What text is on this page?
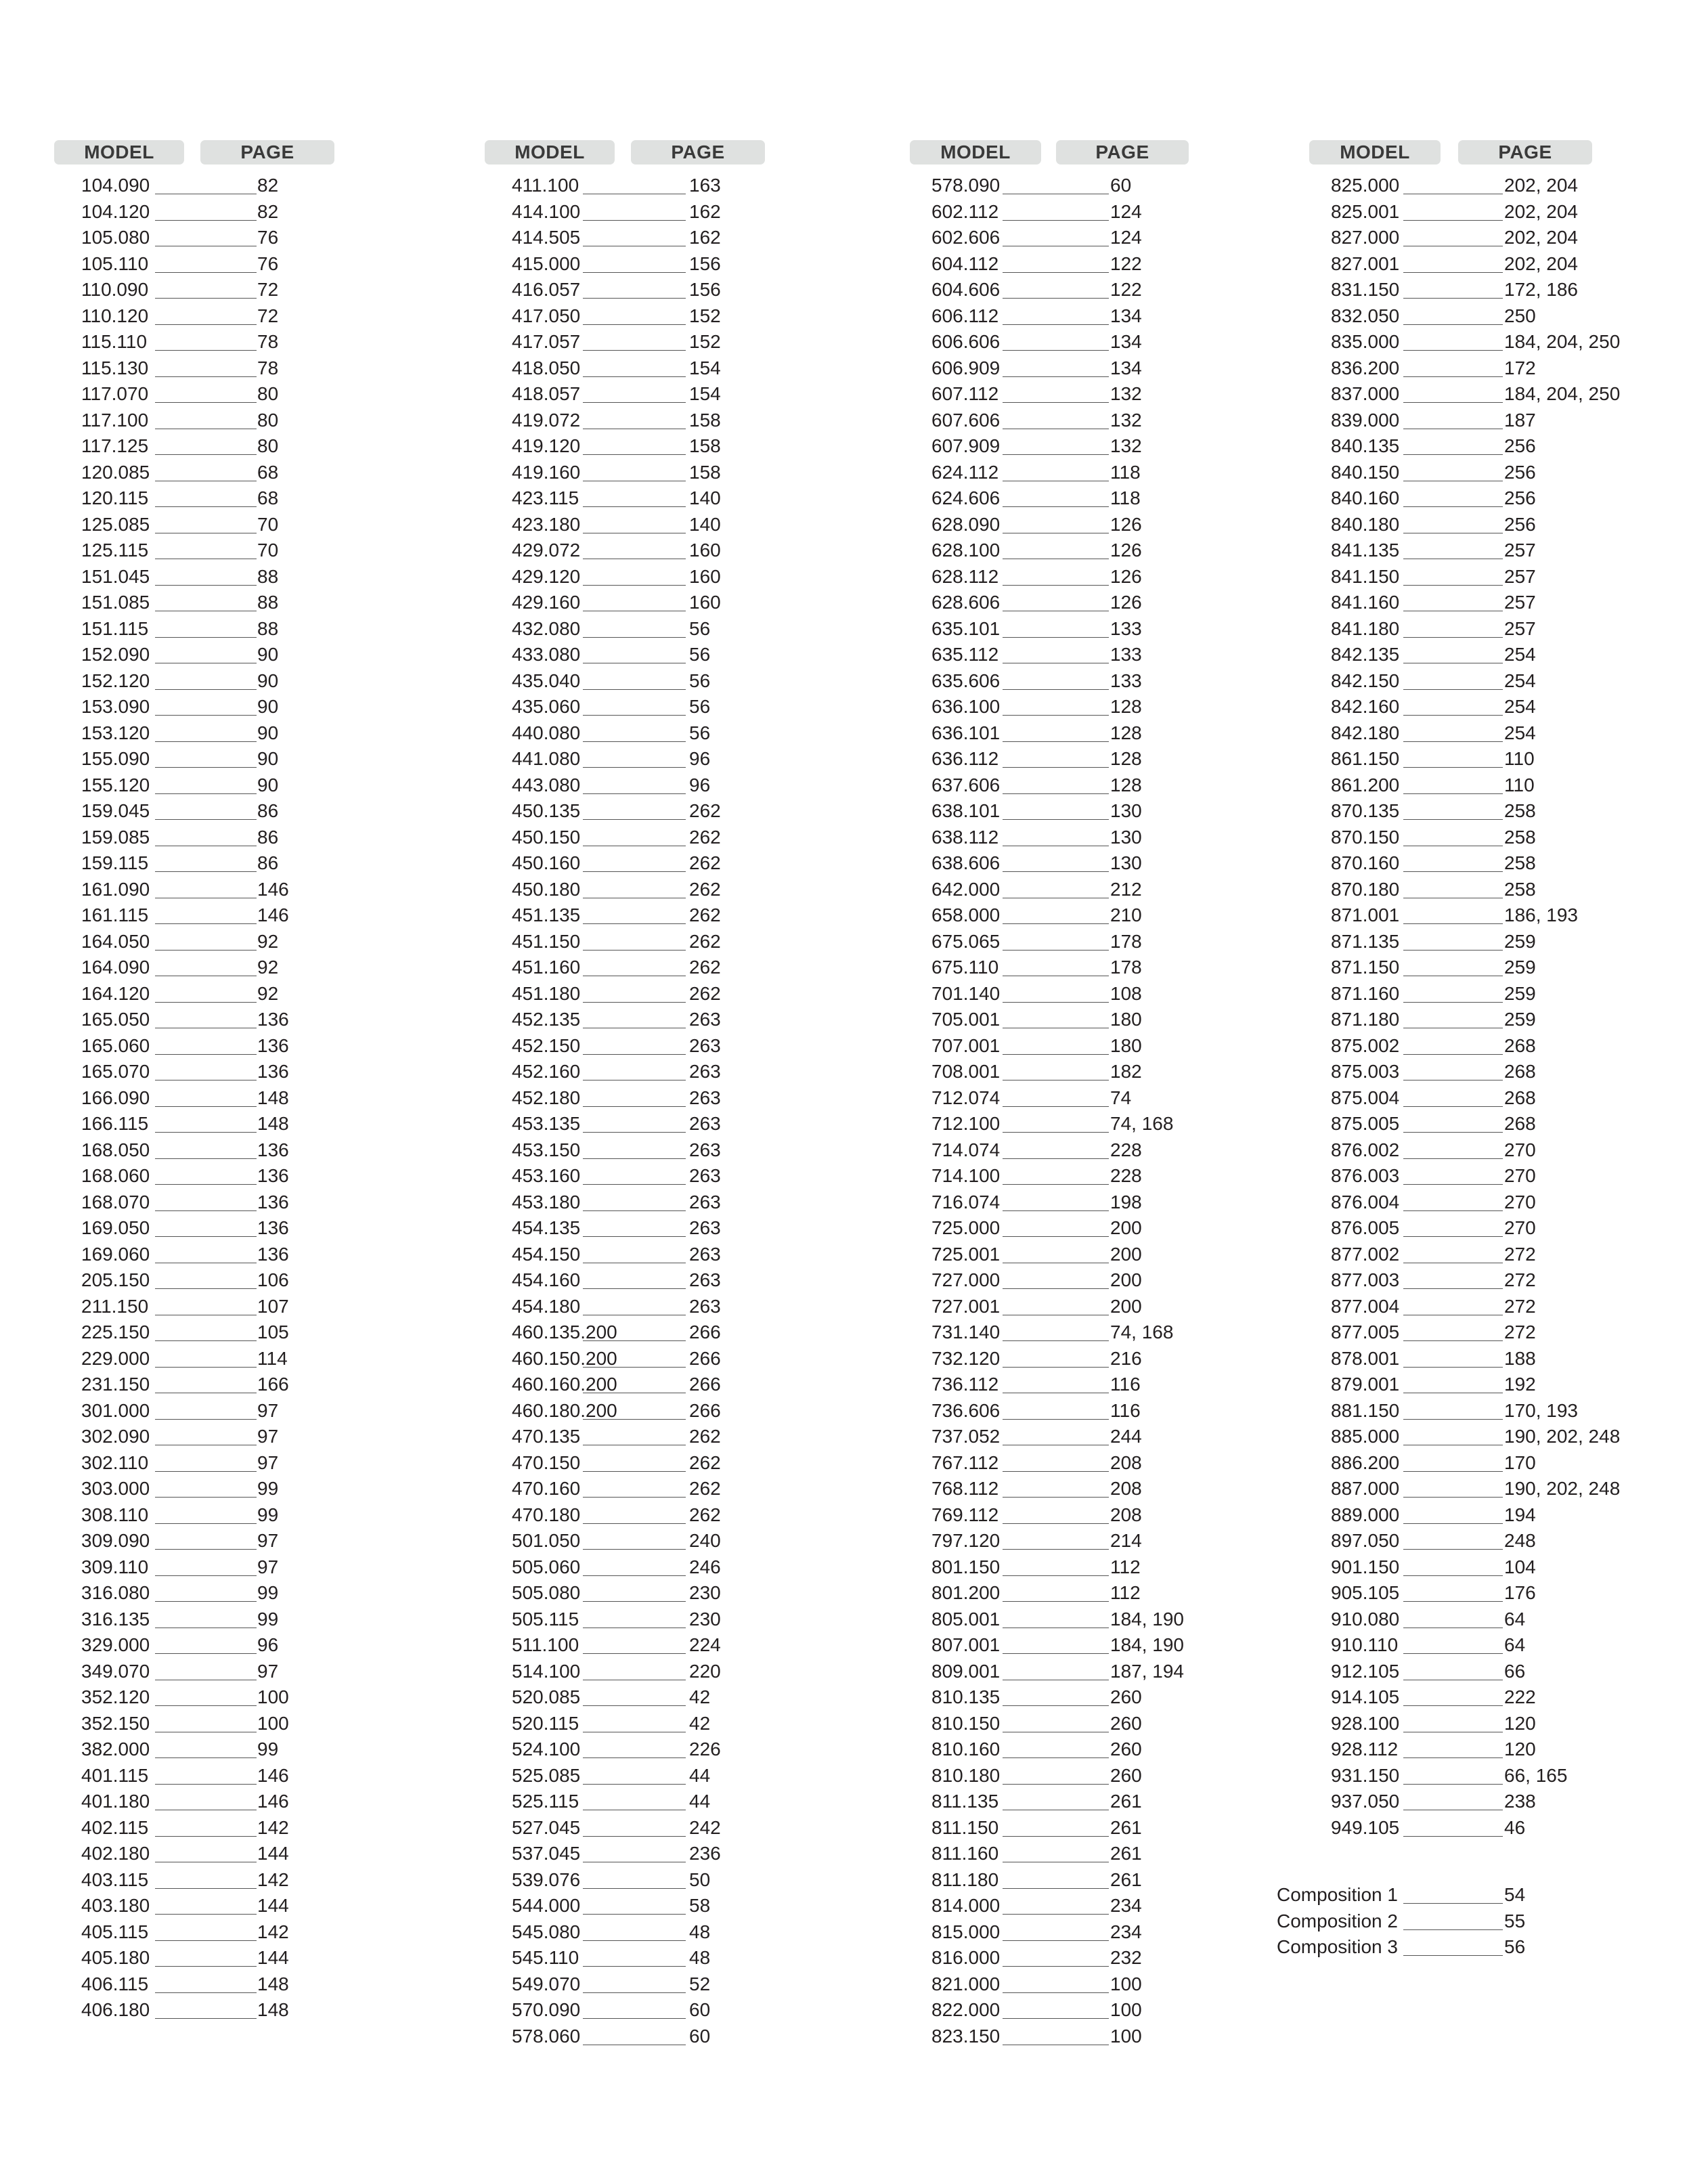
MODEL	PAGE
104.090	82
104.120	82
105.080	76
105.110	76
110.090	72
110.120	72
115.110	78
115.130	78
117.070	80
117.100	80
117.125	80
120.085	68
120.115	68
125.085	70
125.115	70
151.045	88
151.085	88
151.115	88
152.090	90
152.120	90
153.090	90
153.120	90
155.090	90
155.120	90
159.045	86
159.085	86
159.115	86
161.090	146
161.115	146
164.050	92
164.090	92
164.120	92
165.050	136
165.060	136
165.070	136
166.090	148
166.115	148
168.050	136
168.060	136
168.070	136
169.050	136
169.060	136
205.150	106
211.150	107
225.150	105
229.000	114
231.150	166
301.000	97
302.090	97
302.110	97
303.000	99
308.110	99
309.090	97
309.110	97
316.080	99
316.135	99
329.000	96
349.070	97
352.120	100
352.150	100
382.000	99
401.115	146
401.180	146
402.115	142
402.180	144
403.115	142
403.180	144
405.115	142
405.180	144
406.115	148
406.180	148
MODEL	PAGE
411.100	163
414.100	162
414.505	162
415.000	156
416.057	156
417.050	152
417.057	152
418.050	154
418.057	154
419.072	158
419.120	158
419.160	158
423.115	140
423.180	140
429.072	160
429.120	160
429.160	160
432.080	56
433.080	56
435.040	56
435.060	56
440.080	56
441.080	96
443.080	96
450.135	262
450.150	262
450.160	262
450.180	262
451.135	262
451.150	262
451.160	262
451.180	262
452.135	263
452.150	263
452.160	263
452.180	263
453.135	263
453.150	263
453.160	263
453.180	263
454.135	263
454.150	263
454.160	263
454.180	263
460.135.200	266
460.150.200	266
460.160.200	266
460.180.200	266
470.135	262
470.150	262
470.160	262
470.180	262
501.050	240
505.060	246
505.080	230
505.115	230
511.100	224
514.100	220
520.085	42
520.115	42
524.100	226
525.085	44
525.115	44
527.045	242
537.045	236
539.076	50
544.000	58
545.080	48
545.110	48
549.070	52
570.090	60
578.060	60
MODEL	PAGE
578.090	60
602.112	124
602.606	124
604.112	122
604.606	122
606.112	134
606.606	134
606.909	134
607.112	132
607.606	132
607.909	132
624.112	118
624.606	118
628.090	126
628.100	126
628.112	126
628.606	126
635.101	133
635.112	133
635.606	133
636.100	128
636.101	128
636.112	128
637.606	128
638.101	130
638.112	130
638.606	130
642.000	212
658.000	210
675.065	178
675.110	178
701.140	108
705.001	180
707.001	180
708.001	182
712.074	74
712.100	74, 168
714.074	228
714.100	228
716.074	198
725.000	200
725.001	200
727.000	200
727.001	200
731.140	74, 168
732.120	216
736.112	116
736.606	116
737.052	244
767.112	208
768.112	208
769.112	208
797.120	214
801.150	112
801.200	112
805.001	184, 190
807.001	184, 190
809.001	187, 194
810.135	260
810.150	260
810.160	260
810.180	260
811.135	261
811.150	261
811.160	261
811.180	261
814.000	234
815.000	234
816.000	232
821.000	100
822.000	100
823.150	100
MODEL	PAGE
825.000	202, 204
825.001	202, 204
827.000	202, 204
827.001	202, 204
831.150	172, 186
832.050	250
835.000	184, 204, 250
836.200	172
837.000	184, 204, 250
839.000	187
840.135	256
840.150	256
840.160	256
840.180	256
841.135	257
841.150	257
841.160	257
841.180	257
842.135	254
842.150	254
842.160	254
842.180	254
861.150	110
861.200	110
870.135	258
870.150	258
870.160	258
870.180	258
871.001	186, 193
871.135	259
871.150	259
871.160	259
871.180	259
875.002	268
875.003	268
875.004	268
875.005	268
876.002	270
876.003	270
876.004	270
876.005	270
877.002	272
877.003	272
877.004	272
877.005	272
878.001	188
879.001	192
881.150	170, 193
885.000	190, 202, 248
886.200	170
887.000	190, 202, 248
889.000	194
897.050	248
901.150	104
905.105	176
910.080	64
910.110	64
912.105	66
914.105	222
928.100	120
928.112	120
931.150	66, 165
937.050	238
949.105	46
Composition 1	54
Composition 2	55
Composition 3	56
